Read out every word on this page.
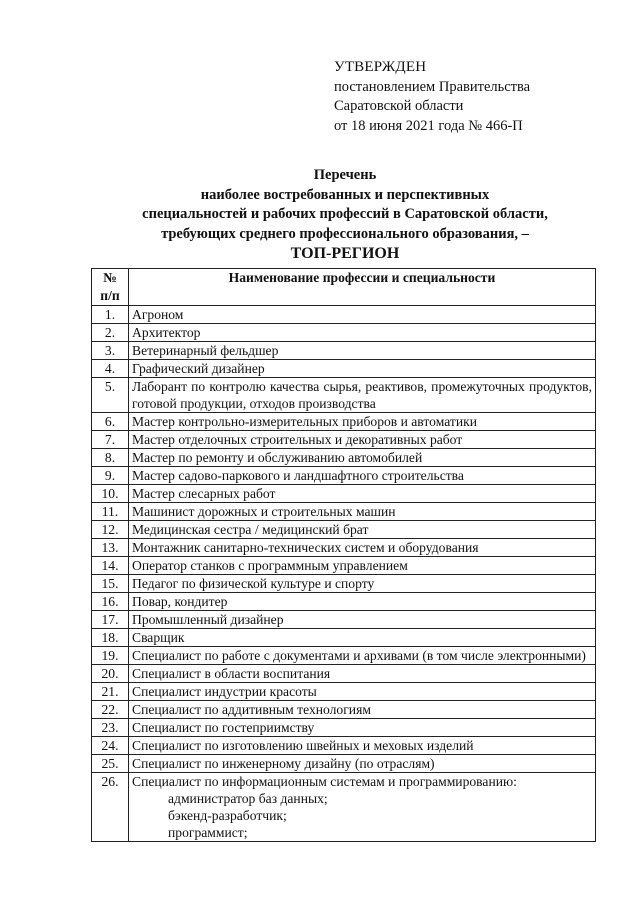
УТВЕРЖДЕН
постановлением Правительства
Саратовской области
от 18 июня 2021 года № 466-П
Перечень
наиболее востребованных и перспективных
специальностей и рабочих профессий в Саратовской области,
требующих среднего профессионального образования, –
ТОП-РЕГИОН
№
п/п	Наименование профессии и специальности
1.	Агроном
2.	Архитектор
3.	Ветеринарный фельдшер
4.	Графический дизайнер
5.	Лаборант по контролю качества сырья, реактивов, промежуточных продуктов, готовой продукции, отходов производства
6.	Мастер контрольно-измерительных приборов и автоматики
7.	Мастер отделочных строительных и декоративных работ
8.	Мастер по ремонту и обслуживанию автомобилей
9.	Мастер садово-паркового и ландшафтного строительства
10.	Мастер слесарных работ
11.	Машинист дорожных и строительных машин
12.	Медицинская сестра / медицинский брат
13.	Монтажник санитарно-технических систем и оборудования
14.	Оператор станков с программным управлением
15.	Педагог по физической культуре и спорту
16.	Повар, кондитер
17.	Промышленный дизайнер
18.	Сварщик
19.	Специалист по работе с документами и архивами (в том числе электронными)
20.	Специалист в области воспитания
21.	Специалист индустрии красоты
22.	Специалист по аддитивным технологиям
23.	Специалист по гостеприимству
24.	Специалист по изготовлению швейных и меховых изделий
25.	Специалист по инженерному дизайну (по отраслям)
26.	Специалист по информационным системам и программированию:
администратор баз данных;
бэкенд-разработчик;
программист;
